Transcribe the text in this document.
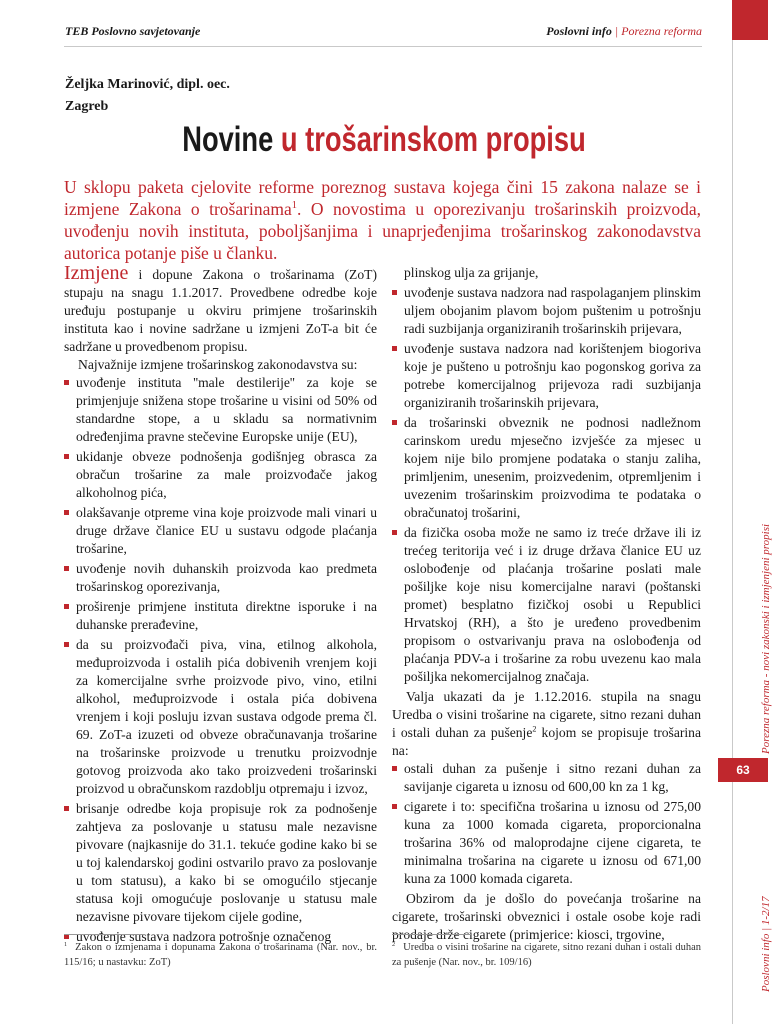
TEB Poslovno savjetovanje	Poslovni info | Porezna reforma
Porezna reforma - novi zakonski i izmjenjeni propisi
63
Poslovni info | 1-2/17
Željka Marinović, dipl. oec.
Zagreb
Novine u trošarinskom propisu
U sklopu paketa cjelovite reforme poreznog sustava kojega čini 15 zakona nalaze se i izmjene Zakona o trošarinama$^1$. O novostima u oporezivanju trošarinskih proizvoda, uvođenju novih instituta, poboljšanjima i unaprjeđenjima trošarinskog zakonodavstva autorica potanje piše u članku.

Izmjene i dopune Zakona o trošarinama (ZoT) stupaju na snagu 1.1.2017. Provedbene odredbe koje uređuju postupanje u okviru primjene trošarinskih instituta kao i novine sadržane u izmjeni ZoT-a bit će sadržane u provedbenom propisu.

Najvažnije izmjene trošarinskog zakonodavstva su:

uvođenje instituta ''male destilerije'' za koje se primjenjuje snižena stope trošarine u visini od 50% od standardne stope, a u skladu sa normativnim određenjima pravne stečevine Europske unije (EU),
ukidanje obveze podnošenja godišnjeg obrasca za obračun trošarine za male proizvođače jakog alkoholnog pića,
olakšavanje otpreme vina koje proizvode mali vinari u druge države članice EU u sustavu odgode plaćanja trošarine,
uvođenje novih duhanskih proizvoda kao predmeta trošarinskog oporezivanja,
proširenje primjene instituta direktne isporuke i na duhanske prerađevine,
da su proizvođači piva, vina, etilnog alkohola, međuproizvoda i ostalih pića dobivenih vrenjem koji za komercijalne svrhe proizvode pivo, vino, etilni alkohol, međuproizvode i ostala pića dobivena vrenjem i koji posluju izvan sustava odgode prema čl. 69. ZoT-a izuzeti od obveze obračunavanja trošarine na trošarinske proizvode u trenutku proizvodnje gotovog proizvoda ako tako proizvedeni trošarinski proizvod u obračunskom razdoblju otpremaju i izvoz,
brisanje odredbe koja propisuje rok za podnošenje zahtjeva za poslovanje u statusu male nezavisne pivovare (najkasnije do 31.1. tekuće godine kako bi se u toj kalendarskoj godini ostvarilo pravo za poslovanje u tom statusu), a kako bi se omogućilo stjecanje statusa koji omogućuje poslovanje u statusu male nezavisne pivovare tijekom cijele godine,
uvođenje sustava nadzora potrošnje označenog
plinskog ulja za grijanje,
uvođenje sustava nadzora nad raspolaganjem plinskim uljem obojanim plavom bojom puštenim u potrošnju radi suzbijanja organiziranih trošarinskih prijevara,
uvođenje sustava nadzora nad korištenjem biogoriva koje je pušteno u potrošnju kao pogonskog goriva za potrebe komercijalnog prijevoza radi suzbijanja organiziranih trošarinskih prijevara,
da trošarinski obveznik ne podnosi nadležnom carinskom uredu mjesečno izvješće za mjesec u kojem nije bilo promjene podataka o stanju zaliha, primljenim, unesenim, proizvedenim, otpremljenim i uvezenim trošarinskim proizvodima te podataka o obračunatoj trošarini,
da fizička osoba može ne samo iz treće države ili iz trećeg teritorija već i iz druge država članice EU uz oslobođenje od plaćanja trošarine poslati male pošiljke koje nisu komercijalne naravi (poštanski promet) besplatno fizičkoj osobi u Republici Hrvatskoj (RH), a što je uređeno provedbenim propisom o ostvarivanju prava na oslobođenja od plaćanja PDV-a i trošarine za robu uvezenu kao mala pošiljka nekomercijalnog značaja.

Valja ukazati da je 1.12.2016. stupila na snagu Uredba o visini trošarine na cigarete, sitno rezani duhan i ostali duhan za pušenje$^2$ kojom se propisuje trošarina na:

ostali duhan za pušenje i sitno rezani duhan za savijanje cigareta u iznosu od 600,00 kn za 1 kg,
cigarete i to: specifična trošarina u iznosu od 275,00 kuna za 1000 komada cigareta, proporcionalna trošarina 36% od maloprodajne cijene cigareta, te minimalna trošarina na cigarete u iznosu od 671,00 kuna za 1000 komada cigareta.

Obzirom da je došlo do povećanja trošarine na cigarete, trošarinski obveznici i ostale osobe koje radi prodaje drže cigarete (primjerice: kiosci, trgovine,

$^1$ Zakon o izmjenama i dopunama Zakona o trošarinama (Nar. nov., br. 115/16; u nastavku: ZoT)
$^2$ Uredba o visini trošarine na cigarete, sitno rezani duhan i ostali duhan za pušenje (Nar. nov., br. 109/16)
